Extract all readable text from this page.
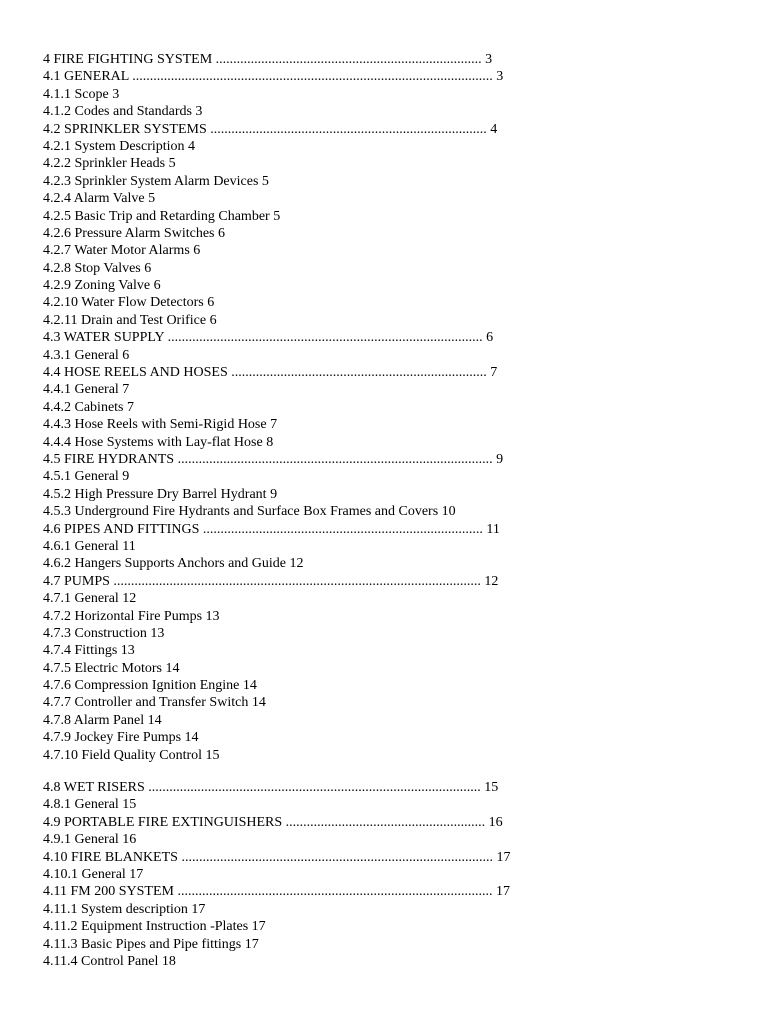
4 FIRE FIGHTING SYSTEM ............................................................................ 3
4.1 GENERAL ....................................................................................................... 3
4.1.1 Scope 3
4.1.2 Codes and Standards 3
4.2 SPRINKLER SYSTEMS ............................................................................... 4
4.2.1 System Description 4
4.2.2 Sprinkler Heads 5
4.2.3 Sprinkler System Alarm Devices 5
4.2.4 Alarm Valve 5
4.2.5 Basic Trip and Retarding Chamber 5
4.2.6 Pressure Alarm Switches 6
4.2.7 Water Motor Alarms 6
4.2.8 Stop Valves 6
4.2.9 Zoning Valve 6
4.2.10 Water Flow Detectors 6
4.2.11 Drain and Test Orifice 6
4.3 WATER SUPPLY .......................................................................................... 6
4.3.1 General 6
4.4 HOSE REELS AND HOSES ......................................................................... 7
4.4.1 General 7
4.4.2 Cabinets 7
4.4.3 Hose Reels with Semi-Rigid Hose 7
4.4.4 Hose Systems with Lay-flat Hose 8
4.5 FIRE HYDRANTS .......................................................................................... 9
4.5.1 General 9
4.5.2 High Pressure Dry Barrel Hydrant 9
4.5.3 Underground Fire Hydrants and Surface Box Frames and Covers 10
4.6 PIPES AND FITTINGS ................................................................................ 11
4.6.1 General 11
4.6.2 Hangers Supports Anchors and Guide 12
4.7 PUMPS ......................................................................................................... 12
4.7.1 General 12
4.7.2 Horizontal Fire Pumps 13
4.7.3 Construction 13
4.7.4 Fittings 13
4.7.5 Electric Motors 14
4.7.6 Compression Ignition Engine 14
4.7.7 Controller and Transfer Switch 14
4.7.8 Alarm Panel 14
4.7.9 Jockey Fire Pumps 14
4.7.10 Field Quality Control 15
4.8 WET RISERS ............................................................................................... 15
4.8.1 General 15
4.9 PORTABLE FIRE EXTINGUISHERS ......................................................... 16
4.9.1 General 16
4.10 FIRE BLANKETS ......................................................................................... 17
4.10.1 General 17
4.11 FM 200 SYSTEM .......................................................................................... 17
4.11.1 System description 17
4.11.2 Equipment Instruction -Plates 17
4.11.3 Basic Pipes and Pipe fittings 17
4.11.4 Control Panel 18
